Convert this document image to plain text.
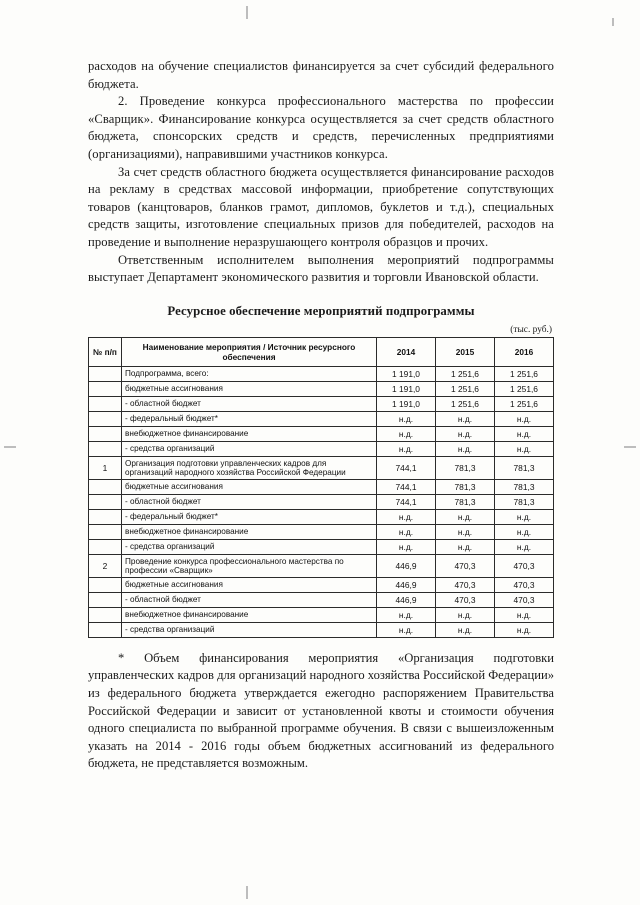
расходов на обучение специалистов финансируется за счет субсидий федерального бюджета.

2. Проведение конкурса профессионального мастерства по профессии «Сварщик». Финансирование конкурса осуществляется за счет средств областного бюджета, спонсорских средств и средств, перечисленных предприятиями (организациями), направившими участников конкурса.

За счет средств областного бюджета осуществляется финансирование расходов на рекламу в средствах массовой информации, приобретение сопутствующих товаров (канцтоваров, бланков грамот, дипломов, буклетов и т.д.), специальных средств защиты, изготовление специальных призов для победителей, расходов на проведение и выполнение неразрушающего контроля образцов и прочих.

Ответственным исполнителем выполнения мероприятий подпрограммы выступает Департамент экономического развития и торговли Ивановской области.

Ресурсное обеспечение мероприятий подпрограммы
(тыс. руб.)
№ п/п	Наименование мероприятия / Источник ресурсного обеспечения	2014	2015	2016
	Подпрограмма, всего:	1 191,0	1 251,6	1 251,6
	бюджетные ассигнования	1 191,0	1 251,6	1 251,6
	- областной бюджет	1 191,0	1 251,6	1 251,6
	- федеральный бюджет*	н.д.	н.д.	н.д.
	внебюджетное финансирование	н.д.	н.д.	н.д.
	- средства организаций	н.д.	н.д.	н.д.
1	Организация подготовки управленческих кадров для организаций народного хозяйства Российской Федерации	744,1	781,3	781,3
	бюджетные ассигнования	744,1	781,3	781,3
	- областной бюджет	744,1	781,3	781,3
	- федеральный бюджет*	н.д.	н.д.	н.д.
	внебюджетное финансирование	н.д.	н.д.	н.д.
	- средства организаций	н.д.	н.д.	н.д.
2	Проведение конкурса профессионального мастерства по профессии «Сварщик»	446,9	470,3	470,3
	бюджетные ассигнования	446,9	470,3	470,3
	- областной бюджет	446,9	470,3	470,3
	внебюджетное финансирование	н.д.	н.д.	н.д.
	- средства организаций	н.д.	н.д.	н.д.

* Объем финансирования мероприятия «Организация подготовки управленческих кадров для организаций народного хозяйства Российской Федерации» из федерального бюджета утверждается ежегодно распоряжением Правительства Российской Федерации и зависит от установленной квоты и стоимости обучения одного специалиста по выбранной программе обучения. В связи с вышеизложенным указать на 2014 - 2016 годы объем бюджетных ассигнований из федерального бюджета, не представляется возможным.
